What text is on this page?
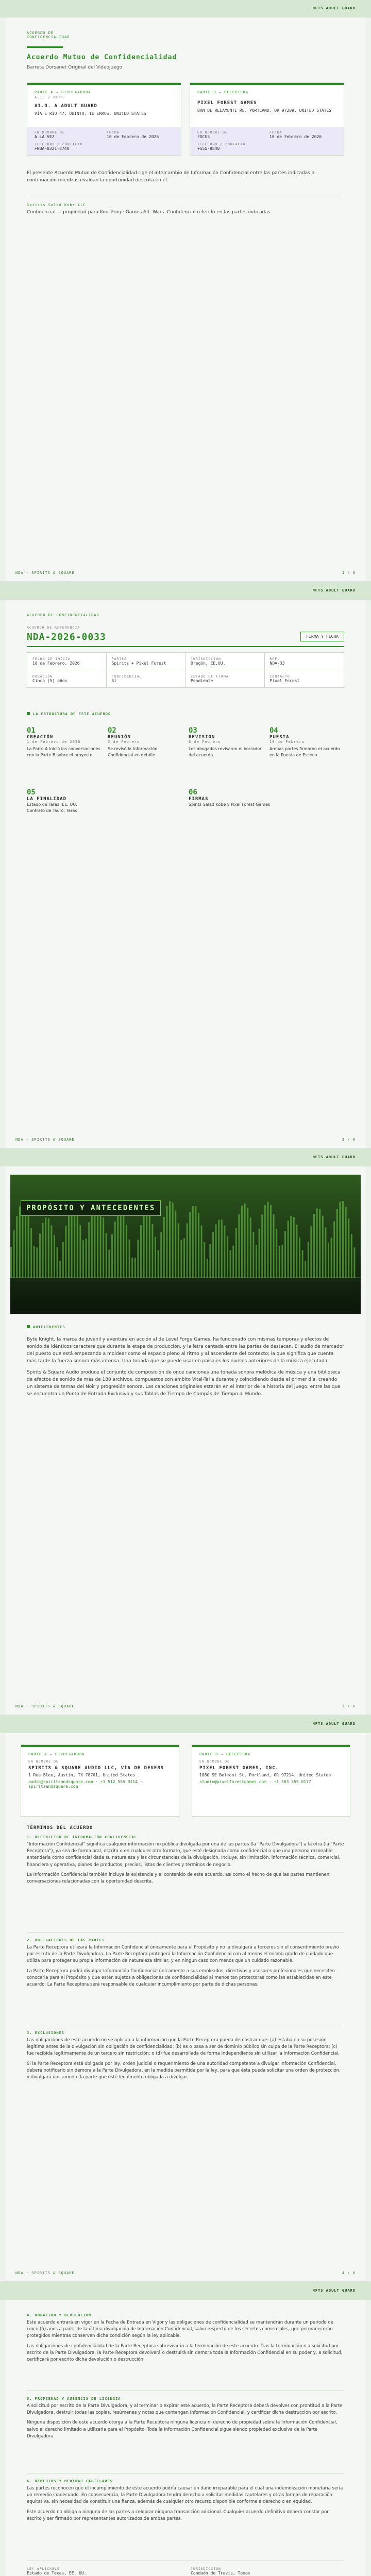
NFTS ADULT GUARD
ACUERDO DE
CONFIDENCIALIDAD
Acuerdo Mutuo de Confidencialidad
Barreta Dorsanet Original del Videojuego
PARTE A — DIVULGADORA
A.I. / NFTS
AI.D. A ADULT GUARD
VÍA E RÍO 47, QUINTO, TE ERROS, UNITED STATES
EN NOMBRE DE
A LA VEZ
FECHA
10 de Febrero de 2026
TELÉFONO / CONTACTO
+NBA-8321-8740
PARTE B — RECEPTORA
PIXEL FOREST GAMES
BAN DE RELAMENTI RE, PORTLAND, OR 97209, UNITED STATES
EN NOMBRE DE
FOCUS
FECHA
10 de Febrero de 2026
TELÉFONO / CONTACTO
+555-9840

El presente Acuerdo Mutuo de Confidencialidad rige el intercambio de Información Confidencial entre las partes indicadas a continuación mientras evalúan la oportunidad descrita en él.

Spirits Salad Kobe LLC

Confidencial — propiedad para Kool Forge Games Alt. Wars. Confidencial referido en las partes indicadas.

NDA · SPIRITS & SQUARE	1 / 6
NFTS ADULT GUARD
ACUERDO DE CONFIDENCIALIDAD
ACUERDO DE REFERENCIA
NDA-2026-0033	FIRMA Y FECHA
FECHA DE INICIO
10 de Febrero, 2026
PARTES
Spirits + Pixel Forest
JURISDICCIÓN
Oregón, EE.UU.
REF.
NDA-33
DURACIÓN
Cinco (5) años
CONFIDENCIAL
Sí
ESTADO DE FIRMA
Pendiente
CONTACTO
Pixel Forest
LA ESTRUCTURA DE ESTE ACUERDO
01
CREACIÓN
1 de Febrero de 2026

La Parte A inició las conversaciones con la Parte B sobre el proyecto.

02
REUNIÓN
5 de Febrero

Se revisó la Información Confidencial en detalle.

03
REVISIÓN
8 de Febrero

Los abogados revisaron el borrador del acuerdo.

04
PUESTA
10 de Febrero

Ambas partes firmaron el acuerdo en la Puesta de Escena.

05
LA FINALIDAD

Estado de Taras, EE. UU.

Contrato de Tauro, Taras

06
FIRMAS

Spirits Salad Kobe y Pixel Forest Games

NDA · SPIRITS & SQUARE	2 / 6
NFTS ADULT GUARD
PROPÓSITO Y ANTECEDENTES
ANTECEDENTES

Byte Knight, la marca de juvenil y aventura en acción al de Level Forge Games, ha funcionado con mismas temporas y efectos de sonido de idénticos caractere que durante la etapa de producción, y la letra cantada entre las partes de destacan. El audio de marcador del puesto que está empezando a moldear como el espacio pleno al ritmo y al ascendente del contexto; la que significa que cuenta más tarde la fuerza sonora más intensa. Una tonada que se puede usar en paisajes los niveles anteriores de la música ejecutada.

Spirits & Square Audio produce el conjunto de composición de once canciones una tonada sonora melódica de música y una biblioteca de efectos de sonido de más de 180 archivos, compuestos con ámbito Vital-Tal a durante y coincidiendo desde el primer día, creando un sistema de temas del Noir y progresión sonora. Las canciones originales estarán en el interior de la historia del juego, entre las que se encuentra un Punto de Entrada Exclusivo y sus Tablas de Tiempo de Compás de Tiempo al Mundo.

NDA · SPIRITS & SQUARE	3 / 6
NFTS ADULT GUARD
PARTE A — DIVULGADORA
EN NOMBRE DE
SPIRITS & SQUARE AUDIO LLC, VÍA DE DEVERS
1 Rue Bleu, Austin, TX 78701, United States
audio@spiritsandsquare.com · +1 512 555 0114 · spiritsandsquare.com
PARTE B — RECEPTORA
EN NOMBRE DE
PIXEL FOREST GAMES, INC.
1880 SE Belmont St, Portland, OR 97214, United States
studio@pixelforestgames.com · +1 503 555 0177
TÉRMINOS DEL ACUERDO
1. DEFINICIÓN DE INFORMACIÓN CONFIDENCIAL

"Información Confidencial" significa cualquier información no pública divulgada por una de las partes (la "Parte Divulgadora") a la otra (la "Parte Receptora"), ya sea de forma oral, escrita o en cualquier otro formato, que esté designada como confidencial o que una persona razonable entendería como confidencial dada su naturaleza y las circunstancias de la divulgación. Incluye, sin limitación, información técnica, comercial, financiera y operativa, planes de productos, precios, listas de clientes y términos de negocio.

La Información Confidencial también incluye la existencia y el contenido de este acuerdo, así como el hecho de que las partes mantienen conversaciones relacionadas con la oportunidad descrita.

2. OBLIGACIONES DE LAS PARTES

La Parte Receptora utilizará la Información Confidencial únicamente para el Propósito y no la divulgará a terceros sin el consentimiento previo por escrito de la Parte Divulgadora. La Parte Receptora protegerá la Información Confidencial con al menos el mismo grado de cuidado que utiliza para proteger su propia información de naturaleza similar, y en ningún caso con menos que un cuidado razonable.

La Parte Receptora podrá divulgar Información Confidencial únicamente a sus empleados, directivos y asesores profesionales que necesiten conocerla para el Propósito y que estén sujetos a obligaciones de confidencialidad al menos tan protectoras como las establecidas en este acuerdo. La Parte Receptora será responsable de cualquier incumplimiento por parte de dichas personas.

3. EXCLUSIONES

Las obligaciones de este acuerdo no se aplican a la información que la Parte Receptora pueda demostrar que: (a) estaba en su posesión legítima antes de la divulgación sin obligación de confidencialidad; (b) es o pasa a ser de dominio público sin culpa de la Parte Receptora; (c) fue recibida legítimamente de un tercero sin restricción; o (d) fue desarrollada de forma independiente sin utilizar la Información Confidencial.

Si la Parte Receptora está obligada por ley, orden judicial o requerimiento de una autoridad competente a divulgar Información Confidencial, deberá notificarlo sin demora a la Parte Divulgadora, en la medida permitida por la ley, para que ésta pueda solicitar una orden de protección, y divulgará únicamente la parte que esté legalmente obligada a divulgar.

NDA · SPIRITS & SQUARE	4 / 6
NFTS ADULT GUARD
4. DURACIÓN Y DEVOLUCIÓN

Este acuerdo entrará en vigor en la Fecha de Entrada en Vigor y las obligaciones de confidencialidad se mantendrán durante un período de cinco (5) años a partir de la última divulgación de Información Confidencial, salvo respecto de los secretos comerciales, que permanecerán protegidos mientras conserven dicha condición según la ley aplicable.

Las obligaciones de confidencialidad de la Parte Receptora sobrevivirán a la terminación de este acuerdo. Tras la terminación o a solicitud por escrito de la Parte Divulgadora, la Parte Receptora devolverá o destruirá sin demora toda la Información Confidencial en su poder y, a solicitud, certificará por escrito dicha devolución o destrucción.

5. PROPIEDAD Y AUSENCIA DE LICENCIA

A solicitud por escrito de la Parte Divulgadora, y al terminar o expirar este acuerdo, la Parte Receptora deberá devolver con prontitud a la Parte Divulgadora, destruir todas las copias, resúmenes y notas que contengan Información Confidencial, y certificar dicha destrucción por escrito.

Ninguna disposición de este acuerdo otorga a la Parte Receptora ninguna licencia ni derecho de propiedad sobre la Información Confidencial, salvo el derecho limitado a utilizarla para el Propósito. Toda la Información Confidencial sigue siendo propiedad exclusiva de la Parte Divulgadora.

6. REMEDIOS Y MEDIDAS CAUTELARES

Las partes reconocen que el incumplimiento de este acuerdo podría causar un daño irreparable para el cual una indemnización monetaria sería un remedio inadecuado. En consecuencia, la Parte Divulgadora tendrá derecho a solicitar medidas cautelares y otras formas de reparación equitativa, sin necesidad de constituir una fianza, además de cualquier otro recurso disponible conforme a derecho o en equidad.

Este acuerdo no obliga a ninguna de las partes a celebrar ninguna transacción adicional. Cualquier acuerdo definitivo deberá constar por escrito y ser firmado por representantes autorizados de ambas partes.

LEY APLICABLE
Estado de Texas, EE. UU.
JURISDICCIÓN
Condado de Travis, Texas
